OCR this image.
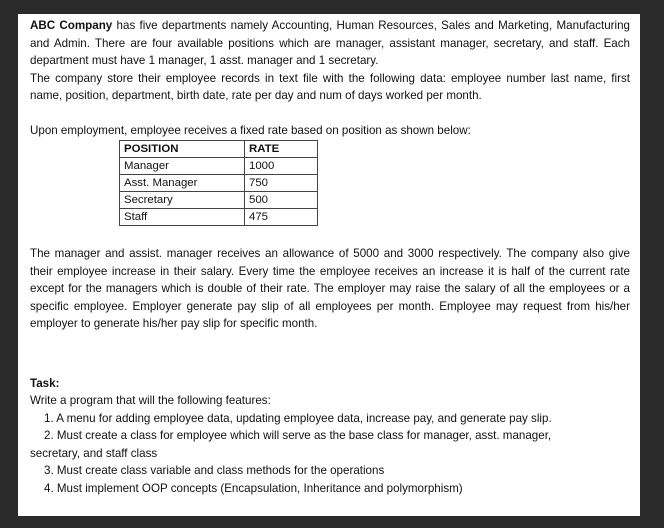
ABC Company has five departments namely Accounting, Human Resources, Sales and Marketing, Manufacturing and Admin. There are four available positions which are manager, assistant manager, secretary, and staff. Each department must have 1 manager, 1 asst. manager and 1 secretary.

The company store their employee records in text file with the following data: employee number last name, first name, position, department, birth date, rate per day and num of days worked per month.

Upon employment, employee receives a fixed rate based on position as shown below:

POSITION	RATE
Manager	1000
Asst. Manager	750
Secretary	500
Staff	475

The manager and assist. manager receives an allowance of 5000 and 3000 respectively. The company also give their employee increase in their salary. Every time the employee receives an increase it is half of the current rate except for the managers which is double of their rate. The employer may raise the salary of all the employees or a specific employee. Employer generate pay slip of all employees per month. Employee may request from his/her employer to generate his/her pay slip for specific month.

Task:

Write a program that will the following features:

1. A menu for adding employee data, updating employee data, increase pay, and generate pay slip.
2. Must create a class for employee which will serve as the base class for manager, asst. manager,

secretary, and staff class

3. Must create class variable and class methods for the operations
4. Must implement OOP concepts (Encapsulation, Inheritance and polymorphism)
